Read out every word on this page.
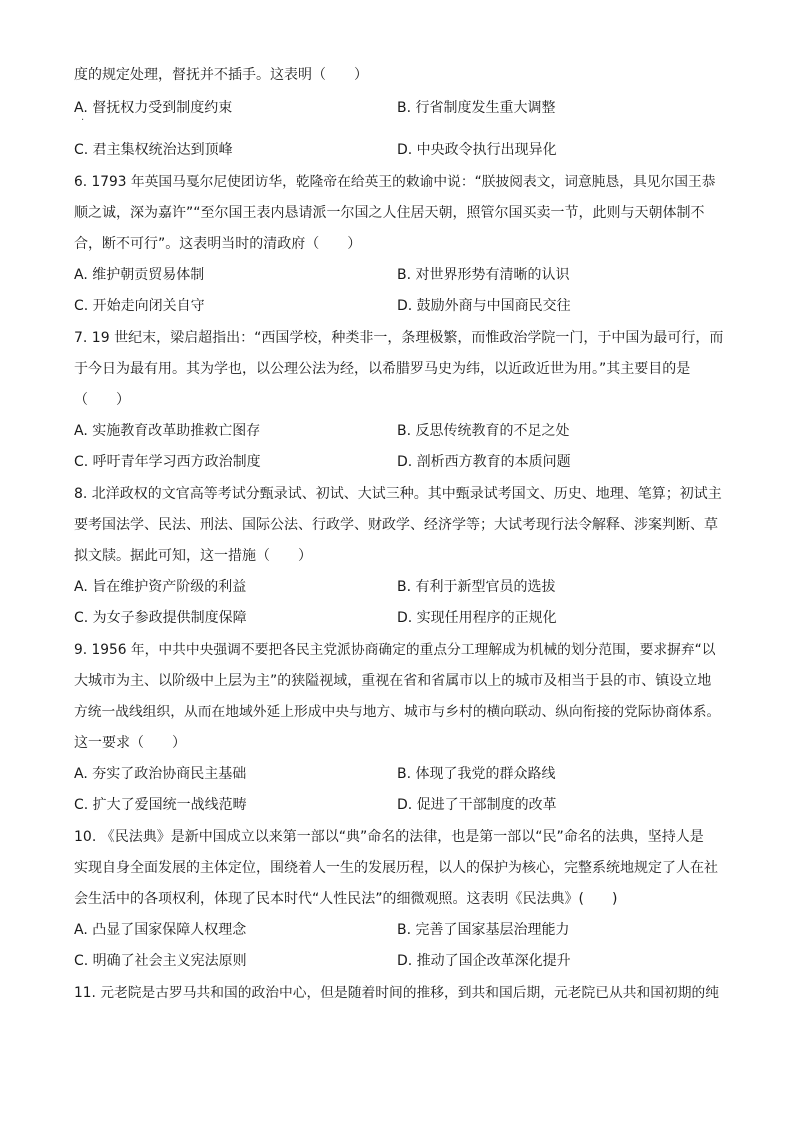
度的规定处理，督抚并不插手。这表明（　　）
A. 督抚权力受到制度约束	B. 行省制度发生重大调整
·
C. 君主集权统治达到顶峰	D. 中央政令执行出现异化
6. 1793 年英国马戛尔尼使团访华，乾隆帝在给英王的敕谕中说：“朕披阅表文，词意肫恳，具见尔国王恭
顺之诚，深为嘉许”“至尔国王表内恳请派一尔国之人住居天朝，照管尔国买卖一节，此则与天朝体制不
合，断不可行”。这表明当时的清政府（　　）
A. 维护朝贡贸易体制	B. 对世界形势有清晰的认识
C. 开始走向闭关自守	D. 鼓励外商与中国商民交往
7. 19 世纪末，梁启超指出：“西国学校，种类非一，条理极繁，而惟政治学院一门，于中国为最可行，而
于今日为最有用。其为学也，以公理公法为经，以希腊罗马史为纬，以近政近世为用。”其主要目的是
（　　）
A. 实施教育改革助推救亡图存	B. 反思传统教育的不足之处
C. 呼吁青年学习西方政治制度	D. 剖析西方教育的本质问题
8. 北洋政权的文官高等考试分甄录试、初试、大试三种。其中甄录试考国文、历史、地理、笔算；初试主
要考国法学、民法、刑法、国际公法、行政学、财政学、经济学等；大试考现行法令解释、涉案判断、草
拟文牍。据此可知，这一措施（　　）
A. 旨在维护资产阶级的利益	B. 有利于新型官员的选拔
C. 为女子参政提供制度保障	D. 实现任用程序的正规化
9. 1956 年，中共中央强调不要把各民主党派协商确定的重点分工理解成为机械的划分范围，要求摒弃“以
大城市为主、以阶级中上层为主”的狭隘视域，重视在省和省属市以上的城市及相当于县的市、镇设立地
方统一战线组织，从而在地域外延上形成中央与地方、城市与乡村的横向联动、纵向衔接的党际协商体系。
这一要求（　　）
A. 夯实了政治协商民主基础	B. 体现了我党的群众路线
C. 扩大了爱国统一战线范畴	D. 促进了干部制度的改革
10. 《民法典》是新中国成立以来第一部以“典”命名的法律，也是第一部以“民”命名的法典，坚持人是
实现自身全面发展的主体定位，围绕着人一生的发展历程，以人的保护为核心，完整系统地规定了人在社
会生活中的各项权利，体现了民本时代“人性民法”的细微观照。这表明《民法典》(　　)
A. 凸显了国家保障人权理念	B. 完善了国家基层治理能力
C. 明确了社会主义宪法原则	D. 推动了国企改革深化提升
11. 元老院是古罗马共和国的政治中心，但是随着时间的推移，到共和国后期，元老院已从共和国初期的纯
